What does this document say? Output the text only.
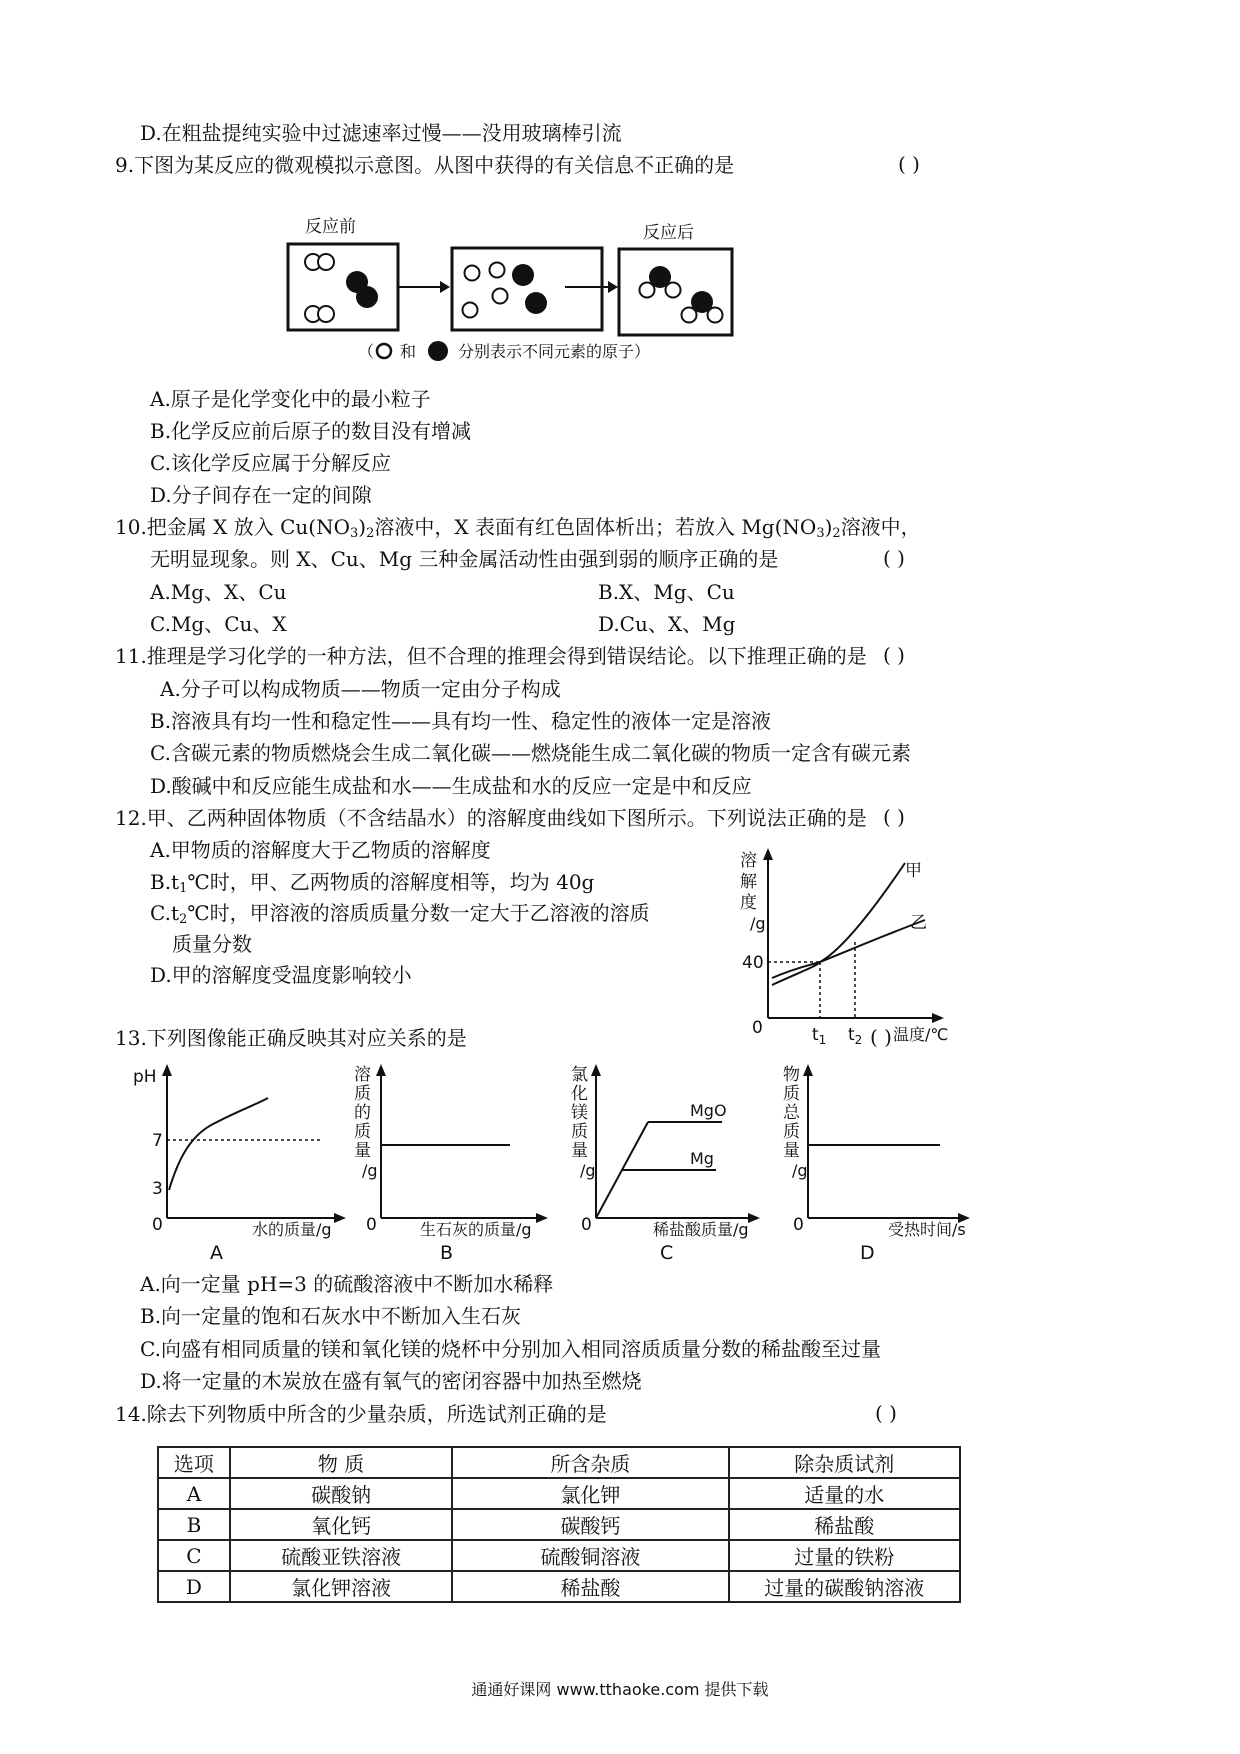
D.在粗盐提纯实验中过滤速率过慢——没用玻璃棒引流
9.下图为某反应的微观模拟示意图。从图中获得的有关信息不正确的是	( )
反应前	反应后
（ 和	分别表示不同元素的原子）
A.原子是化学变化中的最小粒子
B.化学反应前后原子的数目没有增减
C.该化学反应属于分解反应
D.分子间存在一定的间隙
10.把金属 X 放入 $Cu(NO_3)_2$溶液中，X 表面有红色固体析出；若放入 $Mg(NO_3)_2$溶液中，
无明显现象。则 X、Cu、Mg 三种金属活动性由强到弱的顺序正确的是	( )
A.Mg、X、Cu	B.X、Mg、Cu
C.Mg、Cu、X	D.Cu、X、Mg
11.推理是学习化学的一种方法，但不合理的推理会得到错误结论。以下推理正确的是 ( )
A.分子可以构成物质——物质一定由分子构成
B.溶液具有均一性和稳定性——具有均一性、稳定性的液体一定是溶液
C.含碳元素的物质燃烧会生成二氧化碳——燃烧能生成二氧化碳的物质一定含有碳元素
D.酸碱中和反应能生成盐和水——生成盐和水的反应一定是中和反应
12.甲、乙两种固体物质（不含结晶水）的溶解度曲线如下图所示。下列说法正确的是 ( )
A.甲物质的溶解度大于乙物质的溶解度
$B.t_1℃$时，甲、乙两物质的溶解度相等，均为 40g
$C.t_2℃$时，甲溶液的溶质质量分数一定大于乙溶液的溶质
质量分数
D.甲的溶解度受温度影响较小
溶
解
度
/g
0
40
$t_1$ $t_2$ 温度/℃
甲
乙
13.下列图像能正确反映其对应关系的是	( )
pH
7
3
0	水的质量/g
A
溶
质
的
质
量
/g
0	生石灰的质量/g
B
氯
化
镁
质
量
/g
0
MgO
Mg
稀盐酸质量/g
C
物
质
总
质
量
/g
0	受热时间/s
D
A.向一定量 pH=3 的硫酸溶液中不断加水稀释
B.向一定量的饱和石灰水中不断加入生石灰
C.向盛有相同质量的镁和氧化镁的烧杯中分别加入相同溶质质量分数的稀盐酸至过量
D.将一定量的木炭放在盛有氧气的密闭容器中加热至燃烧
14.除去下列物质中所含的少量杂质，所选试剂正确的是	( )
选项	物 质	所含杂质	除杂质试剂
A	碳酸钠	氯化钾	适量的水
B	氧化钙	碳酸钙	稀盐酸
C	硫酸亚铁溶液	硫酸铜溶液	过量的铁粉
D	氯化钾溶液	稀盐酸	过量的碳酸钠溶液
通通好课网 www.tthaoke.com 提供下载
